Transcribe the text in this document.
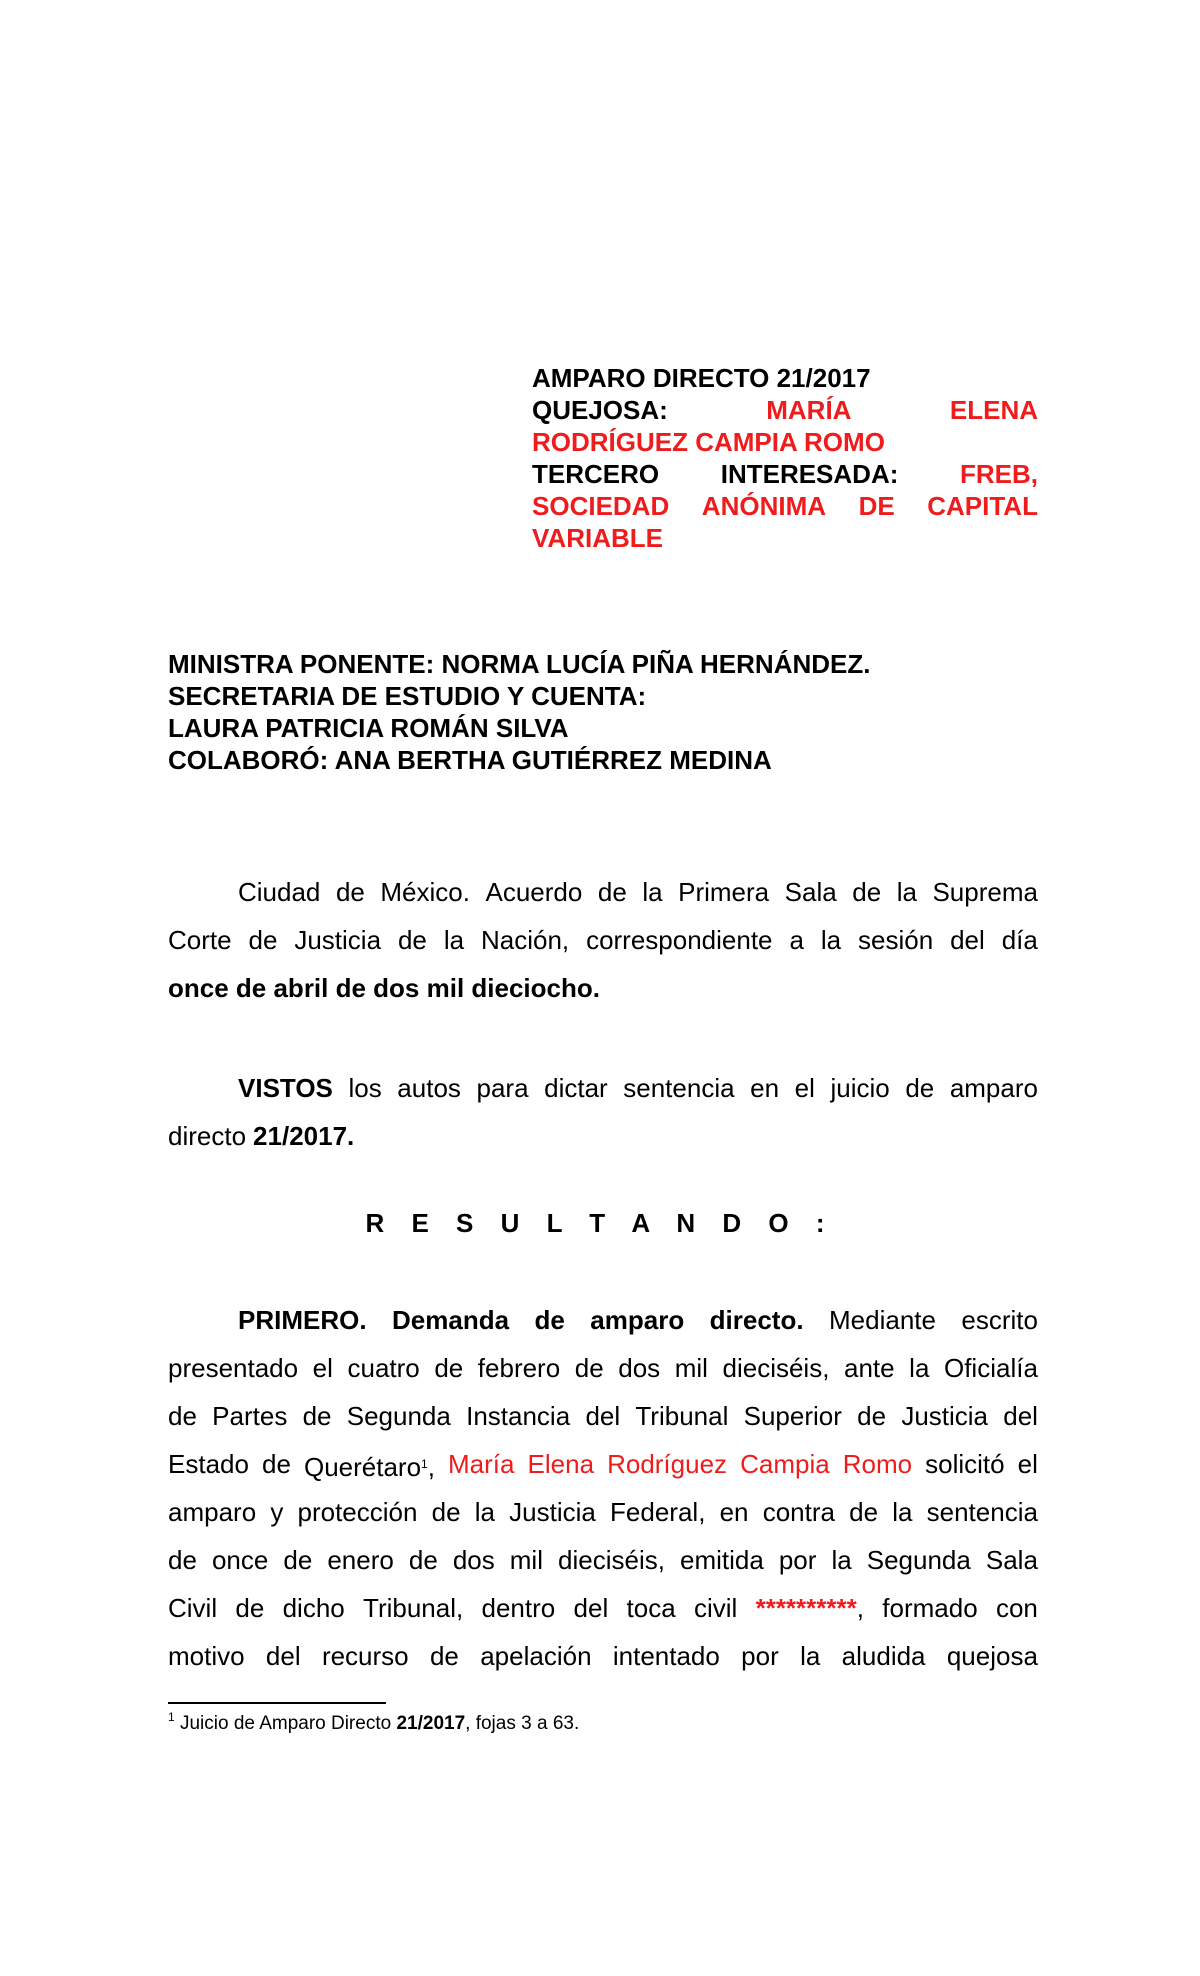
AMPARO DIRECTO 21/2017
QUEJOSA:	MARÍA	ELENA
RODRÍGUEZ CAMPIA ROMO
TERCERO INTERESADA: FREB,
SOCIEDAD ANÓNIMA DE CAPITAL
VARIABLE
MINISTRA PONENTE: NORMA LUCÍA PIÑA HERNÁNDEZ.
SECRETARIA DE ESTUDIO Y CUENTA:
LAURA PATRICIA ROMÁN SILVA
COLABORÓ: ANA BERTHA GUTIÉRREZ MEDINA
Ciudad de México. Acuerdo de la Primera Sala de la Suprema
Corte de Justicia de la Nación, correspondiente a la sesión del día
once de abril de dos mil dieciocho.
VISTOS los autos para dictar sentencia en el juicio de amparo
directo 21/2017.
R E S U L T A N D O :
PRIMERO. Demanda de amparo directo. Mediante escrito
presentado el cuatro de febrero de dos mil dieciséis, ante la Oficialía
de Partes de Segunda Instancia del Tribunal Superior de Justicia del
Estado de Querétaro$^1$, María Elena Rodríguez Campia Romo solicitó el
amparo y protección de la Justicia Federal, en contra de la sentencia
de once de enero de dos mil dieciséis, emitida por la Segunda Sala
Civil de dicho Tribunal, dentro del toca civil **********, formado con
motivo del recurso de apelación intentado por la aludida quejosa
$^1$ Juicio de Amparo Directo 21/2017, fojas 3 a 63.
